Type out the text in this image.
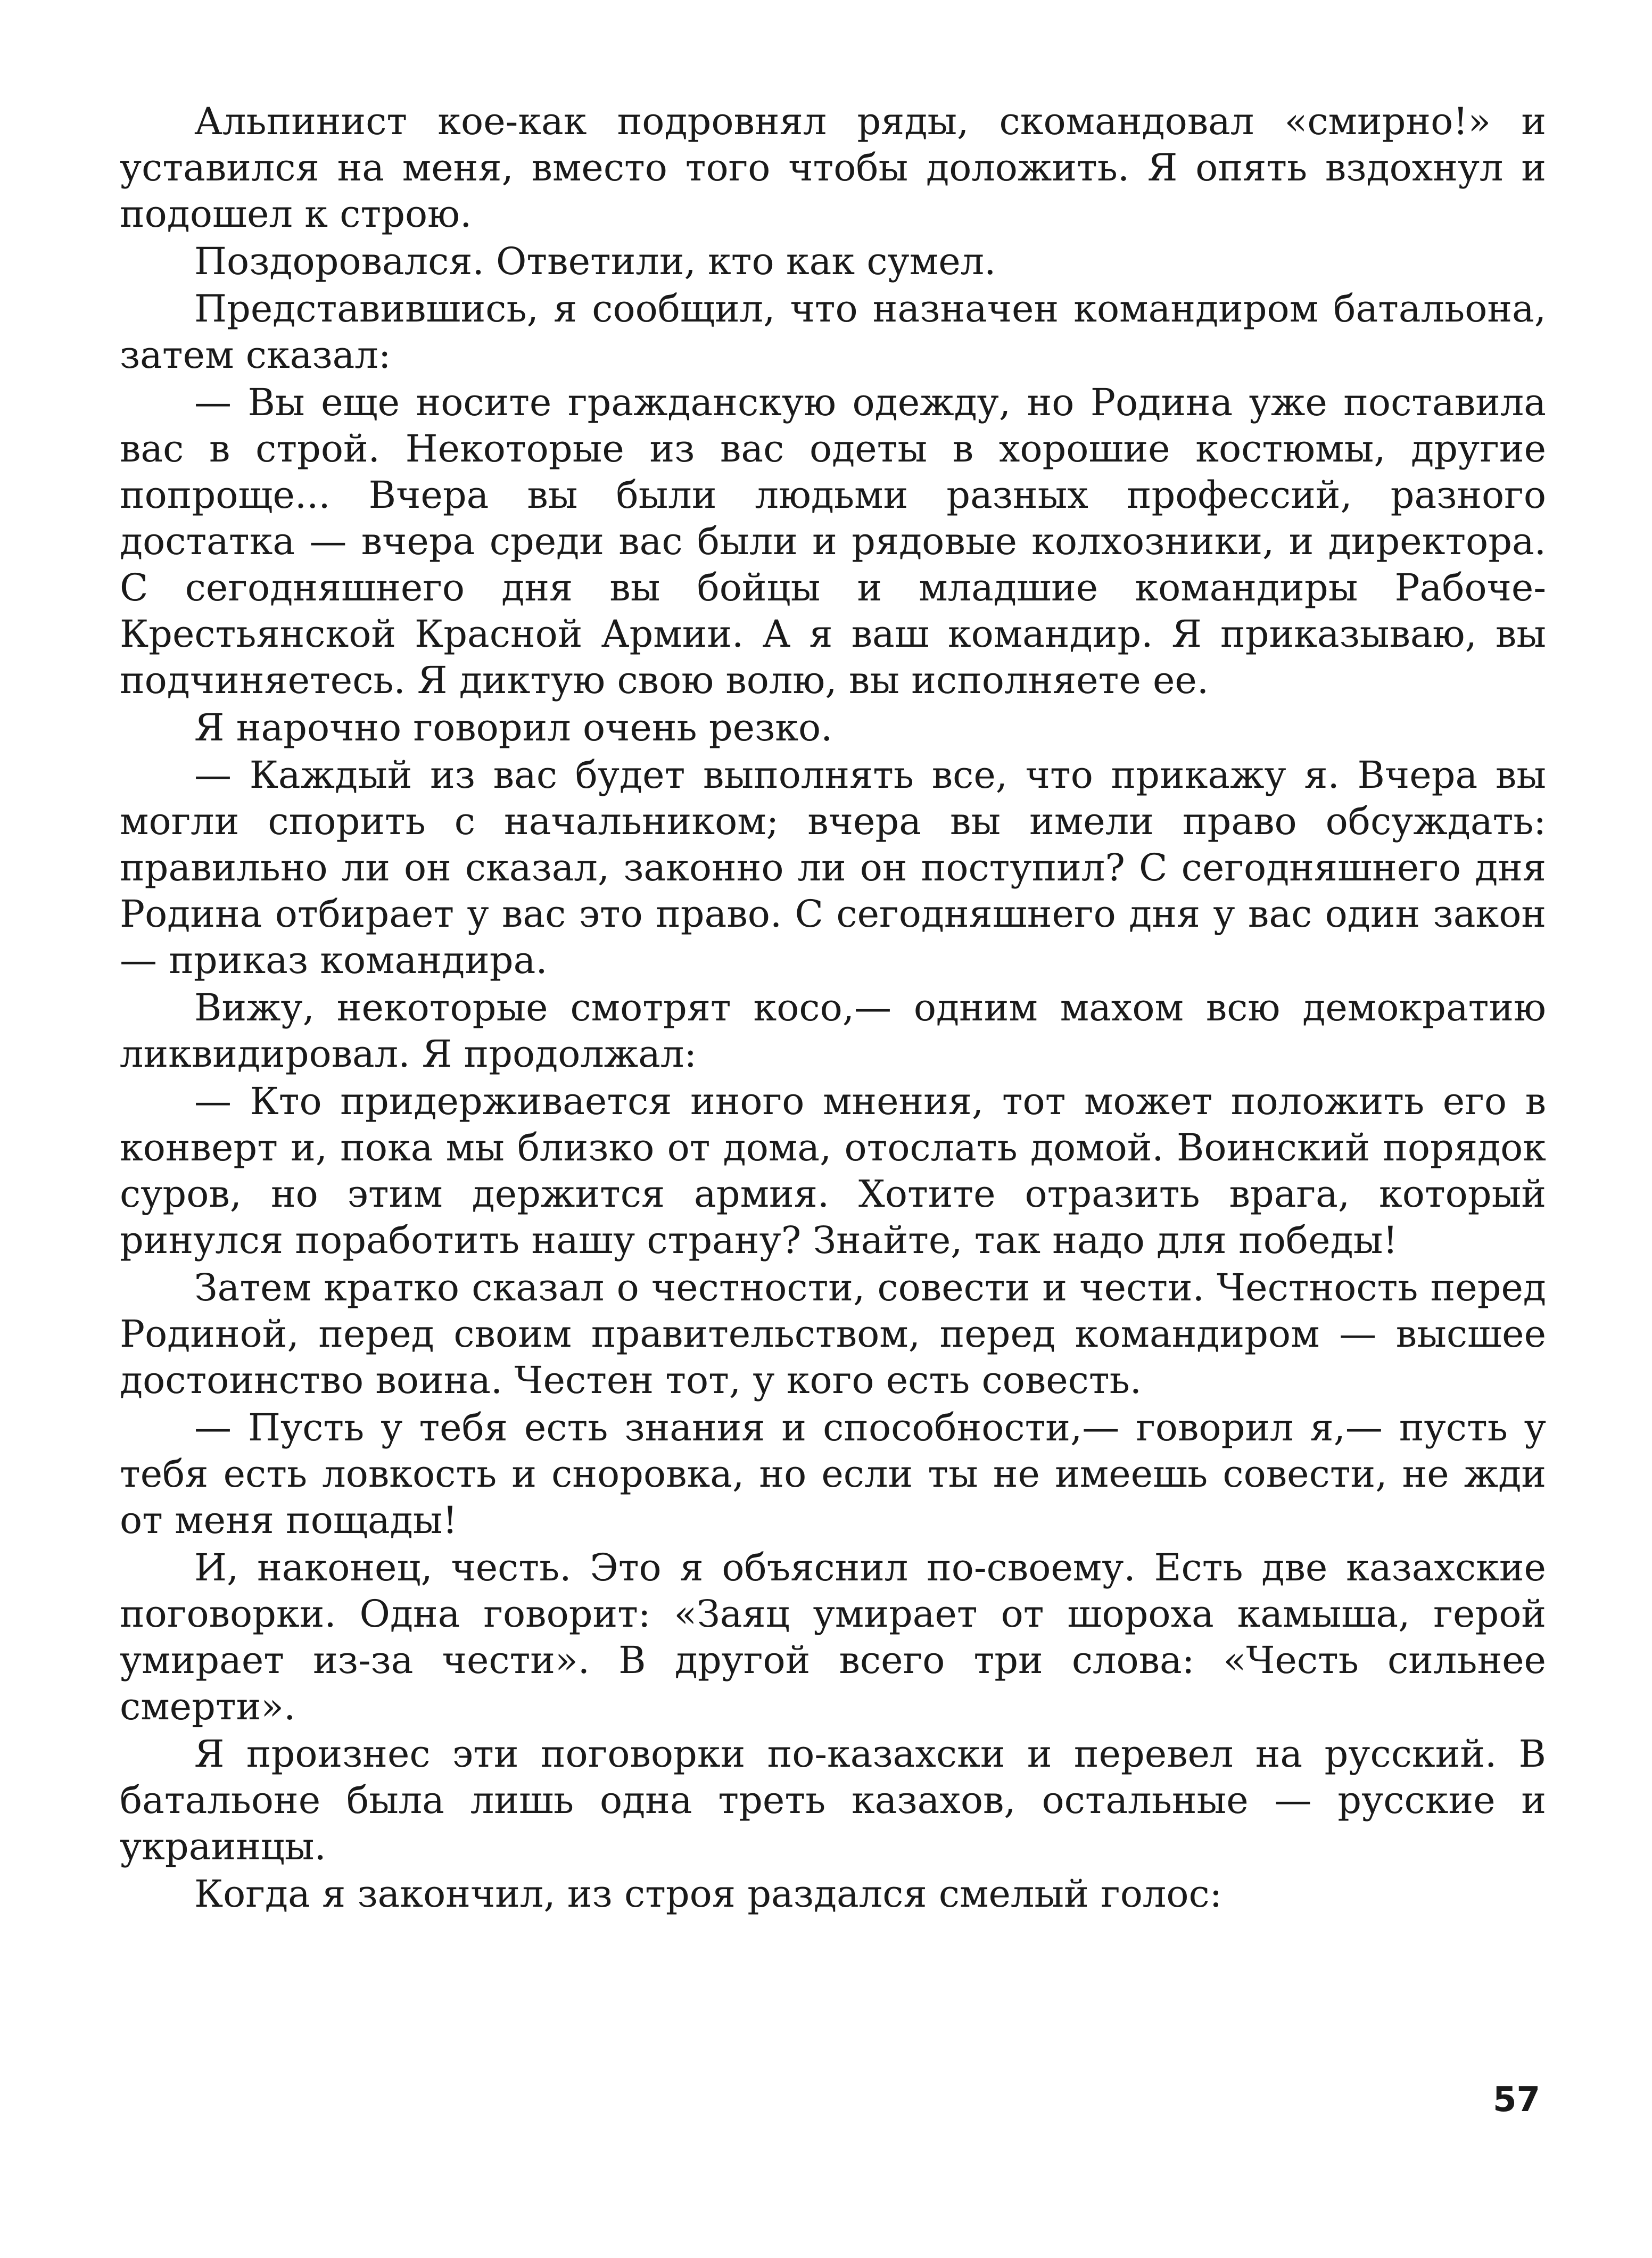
Альпинист кое-как подровнял ряды, скомандовал «смирно!» и уставился на меня, вместо того чтобы доложить. Я опять вздохнул и подошел к строю.

Поздоровался. Ответили, кто как сумел.

Представившись, я сообщил, что назначен командиром батальона, затем сказал:

— Вы еще носите гражданскую одежду, но Родина уже поставила вас в строй. Некоторые из вас одеты в хорошие костюмы, другие попроще... Вчера вы были людьми разных профессий, разного достатка — вчера среди вас были и рядовые колхозники, и директора. С сегодняшнего дня вы бойцы и младшие командиры Рабоче-Крестьянской Красной Армии. А я ваш командир. Я приказываю, вы подчиняетесь. Я диктую свою волю, вы исполняете ее.

Я нарочно говорил очень резко.

— Каждый из вас будет выполнять все, что прикажу я. Вчера вы могли спорить с начальником; вчера вы имели право обсуждать: правильно ли он сказал, законно ли он поступил? С сегодняшнего дня Родина отбирает у вас это право. С сегодняшнего дня у вас один закон — приказ командира.

Вижу, некоторые смотрят косо,— одним махом всю демократию ликвидировал. Я продолжал:

— Кто придерживается иного мнения, тот может положить его в конверт и, пока мы близко от дома, отослать домой. Воинский порядок суров, но этим держится армия. Хотите отразить врага, который ринулся поработить нашу страну? Знайте, так надо для победы!

Затем кратко сказал о честности, совести и чести. Честность перед Родиной, перед своим правительством, перед командиром — высшее достоинство воина. Честен тот, у кого есть совесть.

— Пусть у тебя есть знания и способности,— говорил я,— пусть у тебя есть ловкость и сноровка, но если ты не имеешь совести, не жди от меня пощады!

И, наконец, честь. Это я объяснил по-своему. Есть две казахские поговорки. Одна говорит: «Заяц умирает от шороха камыша, герой умирает из-за чести». В другой всего три слова: «Честь сильнее смерти».

Я произнес эти поговорки по-казахски и перевел на русский. В батальоне была лишь одна треть казахов, остальные — русские и украинцы.

Когда я закончил, из строя раздался смелый голос:

57
